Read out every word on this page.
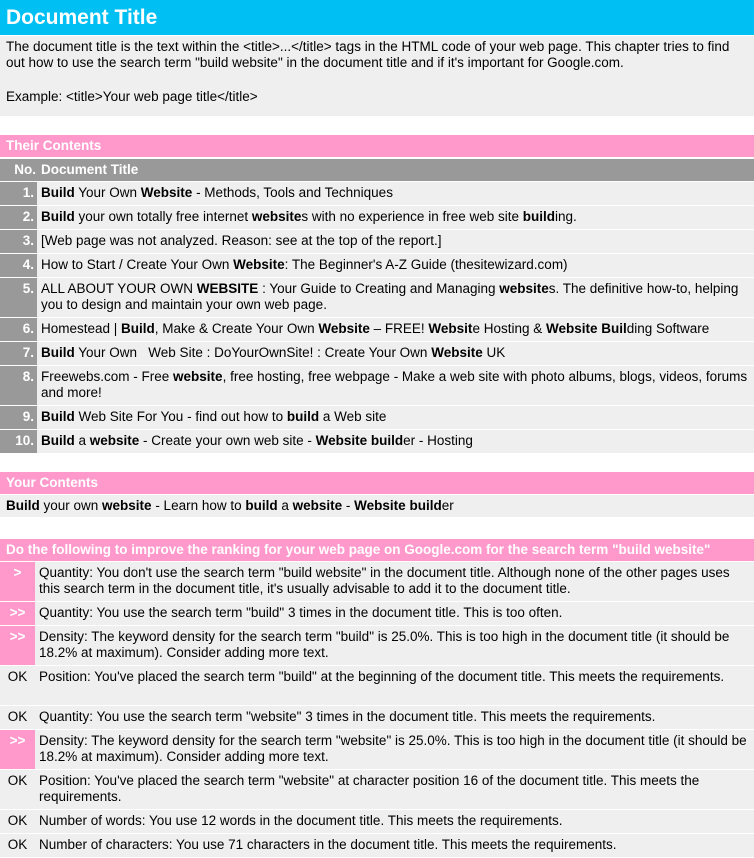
Document Title

The document title is the text within the <title>...</title> tags in the HTML code of your web page. This chapter tries to find out how to use the search term "build website" in the document title and if it's important for Google.com.

Example: <title>Your web page title</title>

Their Contents
No. Document Title
1. Build Your Own Website - Methods, Tools and Techniques
2. Build your own totally free internet websites with no experience in free web site building.
3. [Web page was not analyzed. Reason: see at the top of the report.]
4. How to Start / Create Your Own Website: The Beginner's A-Z Guide (thesitewizard.com)
5. ALL ABOUT YOUR OWN WEBSITE : Your Guide to Creating and Managing websites. The definitive how-to, helping you to design and maintain your own web page.
6. Homestead | Build, Make & Create Your Own Website – FREE! Website Hosting & Website Building Software
7. Build Your Own   Web Site : DoYourOwnSite! : Create Your Own Website UK
8. Freewebs.com - Free website, free hosting, free webpage - Make a web site with photo albums, blogs, videos, forums and more!
9. Build Web Site For You - find out how to build a Web site
10. Build a website - Create your own web site - Website builder - Hosting
Your Contents
Build your own website - Learn how to build a website - Website builder
Do the following to improve the ranking for your web page on Google.com for the search term "build website"
>	Quantity: You don't use the search term "build website" in the document title. Although none of the other pages uses this search term in the document title, it's usually advisable to add it to the document title.
>>	Quantity: You use the search term "build" 3 times in the document title. This is too often.
>>	Density: The keyword density for the search term "build" is 25.0%. This is too high in the document title (it should be 18.2% at maximum). Consider adding more text.
OK Position: You've placed the search term "build" at the beginning of the document title. This meets the requirements.
OK Quantity: You use the search term "website" 3 times in the document title. This meets the requirements.
>>	Density: The keyword density for the search term "website" is 25.0%. This is too high in the document title (it should be 18.2% at maximum). Consider adding more text.
OK Position: You've placed the search term "website" at character position 16 of the document title. This meets the requirements.
OK Number of words: You use 12 words in the document title. This meets the requirements.
OK Number of characters: You use 71 characters in the document title. This meets the requirements.
